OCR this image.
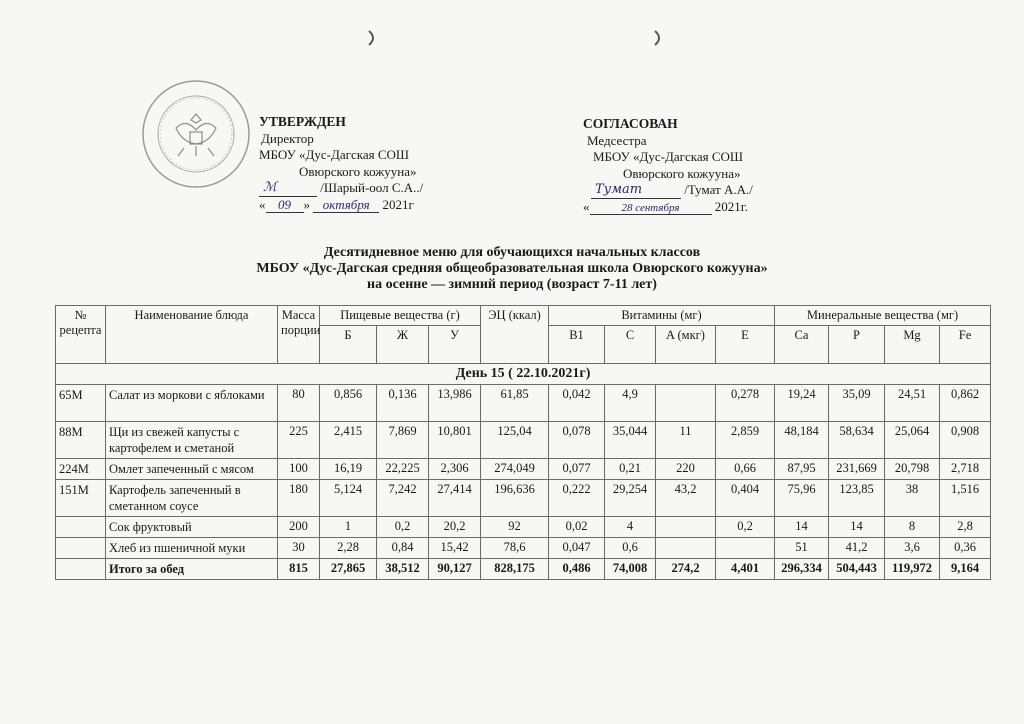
УТВЕРЖДЕН
Директор
МБОУ «Дус-Дагская СОШ
Овюрского кожууна»
ℳ	/Шарый-оол С.А../
« 09 » октября 2021г
СОГЛАСОВАН
Медсестра
МБОУ «Дус-Дагская СОШ
Овюрского кожууна»
Тумат	/Тумат А.А./
«	$^{28 сентября}$	2021г.
Десятидневное меню для обучающихся начальных классов
МБОУ «Дус-Дагская средняя общеобразовательная школа Овюрского кожууна»
на осенне — зимний период (возраст 7-11 лет)
№ рецепта	Наименование блюда	Масса порции	Пищевые вещества (г)			ЭЦ (ккал)	Витамины (мг)				Минеральные вещества (мг)			
			Б	Ж	У		B1	C	A (мкг)	E	Ca	P	Mg	Fe
День 15 ( 22.10.2021г)														
65М	Салат из моркови с яблоками	80	0,856	0,136	13,986	61,85	0,042	4,9		0,278	19,24	35,09	24,51	0,862
88М	Щи из свежей капусты с картофелем и сметаной	225	2,415	7,869	10,801	125,04	0,078	35,044	11	2,859	48,184	58,634	25,064	0,908
224М	Омлет запеченный с мясом	100	16,19	22,225	2,306	274,049	0,077	0,21	220	0,66	87,95	231,669	20,798	2,718
151М	Картофель запеченный в сметанном соусе	180	5,124	7,242	27,414	196,636	0,222	29,254	43,2	0,404	75,96	123,85	38	1,516
	Сок фруктовый	200	1	0,2	20,2	92	0,02	4		0,2	14	14	8	2,8
	Хлеб из пшеничной муки	30	2,28	0,84	15,42	78,6	0,047	0,6			51	41,2	3,6	0,36
	Итого за обед	815	27,865	38,512	90,127	828,175	0,486	74,008	274,2	4,401	296,334	504,443	119,972	9,164
